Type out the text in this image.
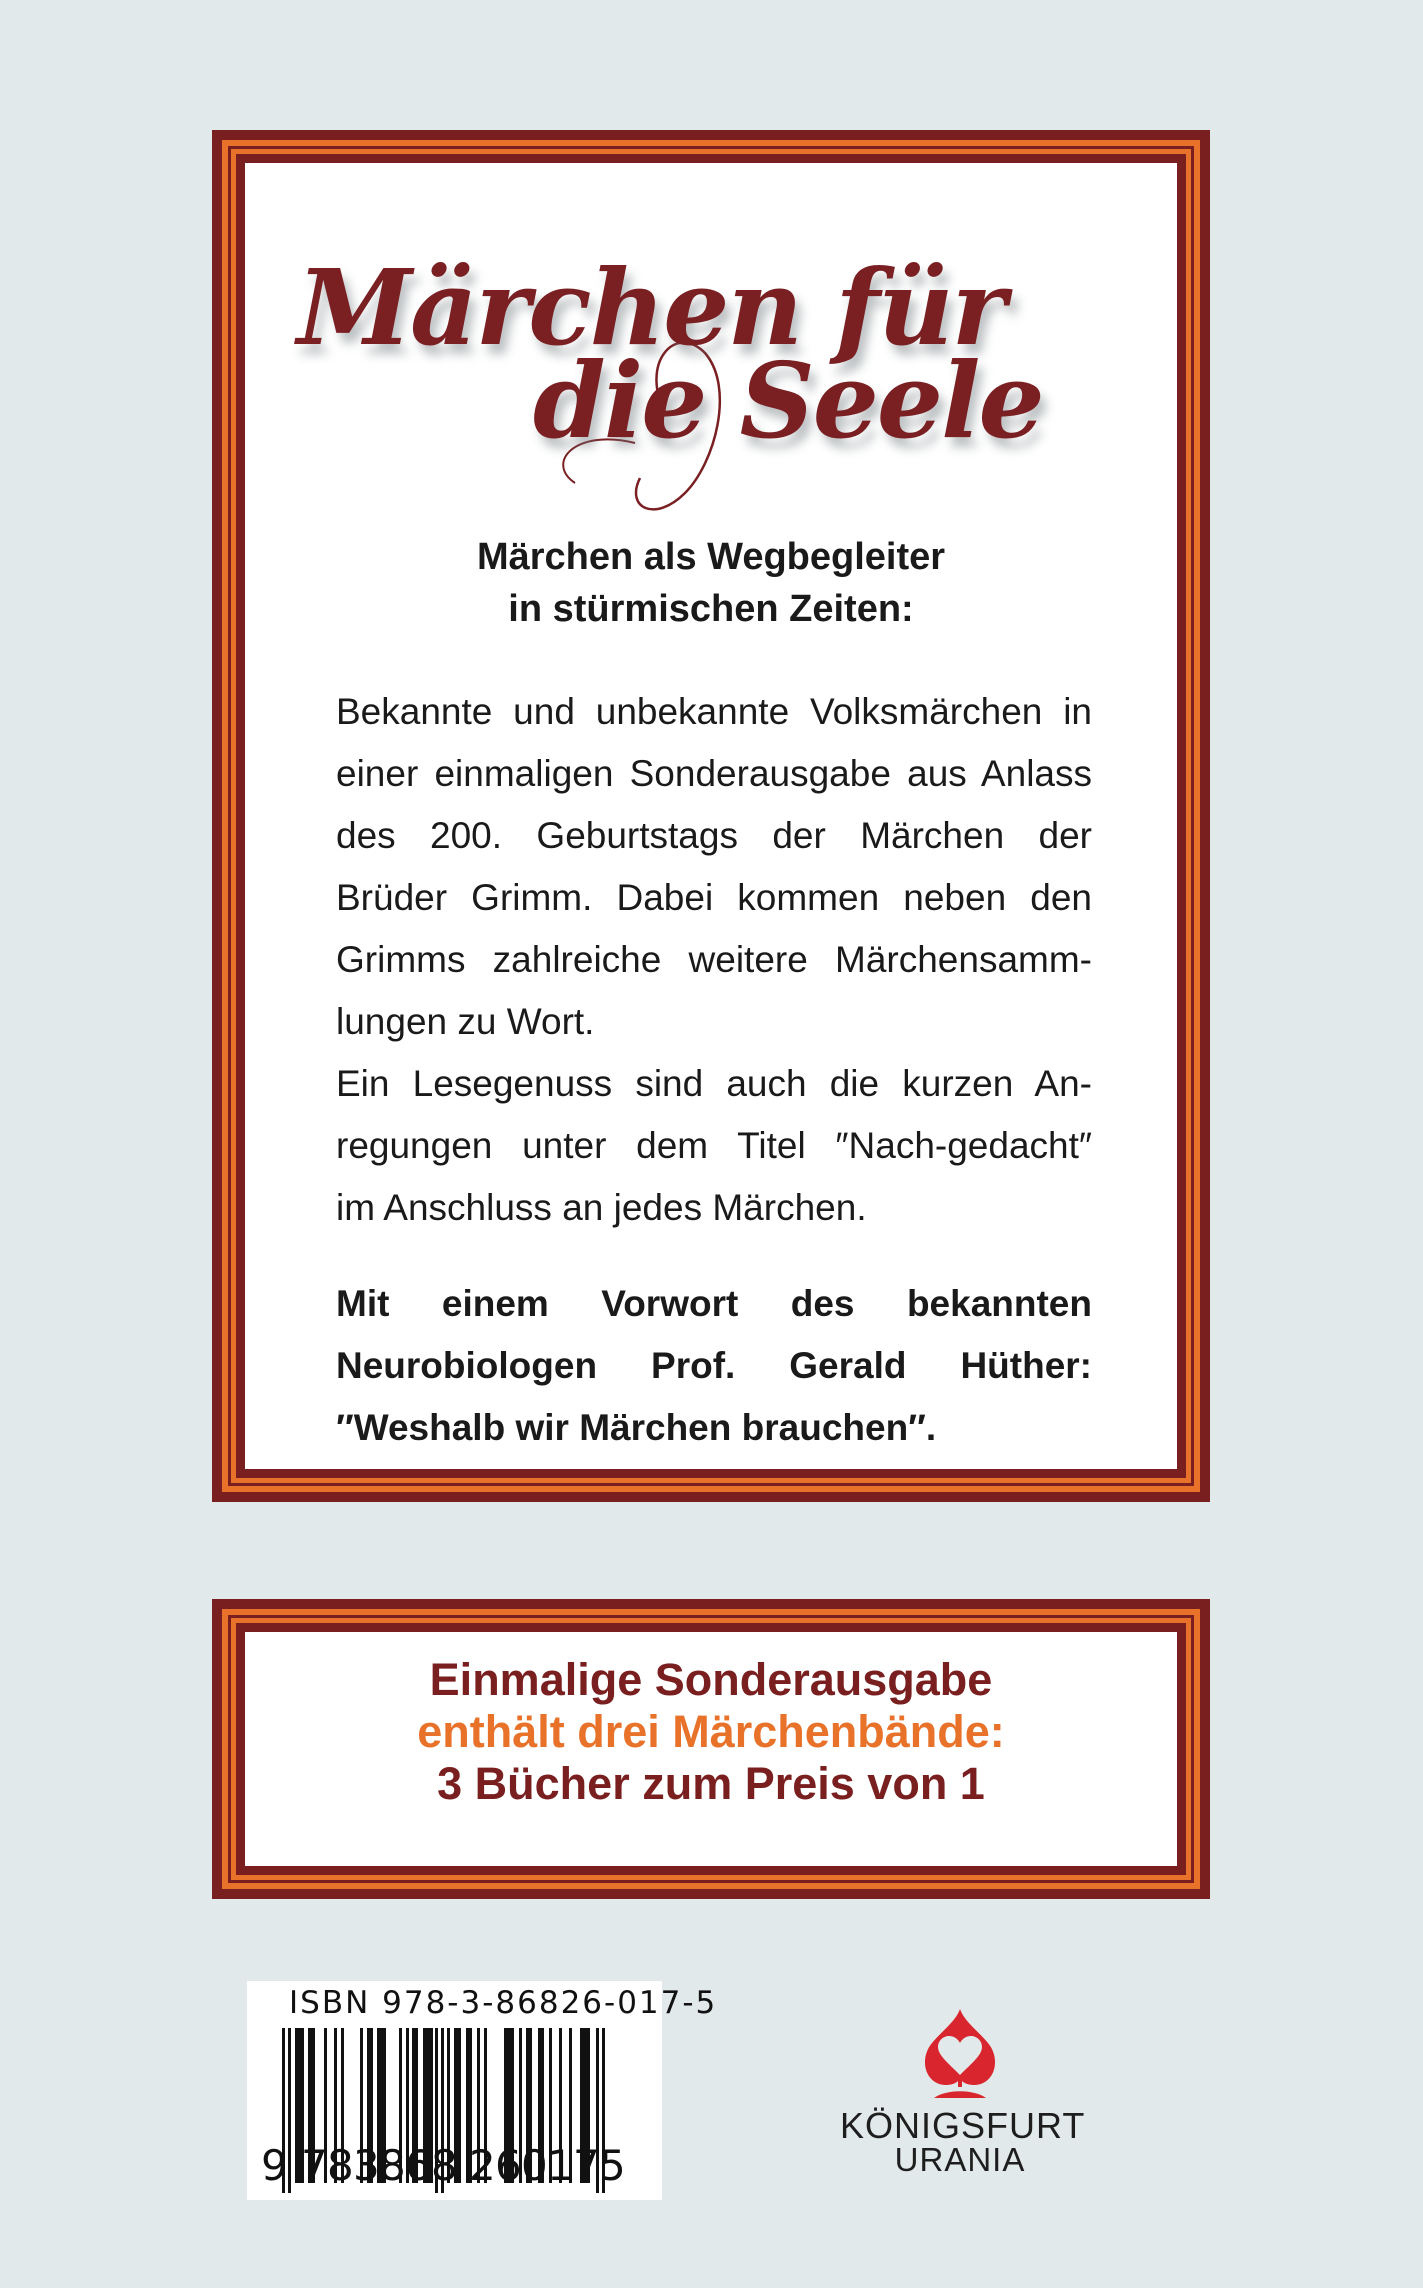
Märchen für
die Seele
Märchen als Wegbegleiter
in stürmischen Zeiten:
Bekannte und unbekannte Volksmärchen in
einer einmaligen Sonderausgabe aus Anlass
des 200. Geburtstags der Märchen der
Brüder Grimm. Dabei kommen neben den
Grimms zahlreiche weitere Märchensamm-
lungen zu Wort.
Ein Lesegenuss sind auch die kurzen An-
regungen unter dem Titel ″Nach-gedacht″
im Anschluss an jedes Märchen.
Mit einem Vorwort des bekannten
Neurobiologen Prof. Gerald Hüther:
″Weshalb wir Märchen brauchen″.
Einmalige Sonderausgabe
enthält drei Märchenbände:
3 Bücher zum Preis von 1
ISBN 978-3-86826-017-5
9 7 8 3 8 6 8 2 6 0 1 7 5
KÖNIGSFURT
URANIA
